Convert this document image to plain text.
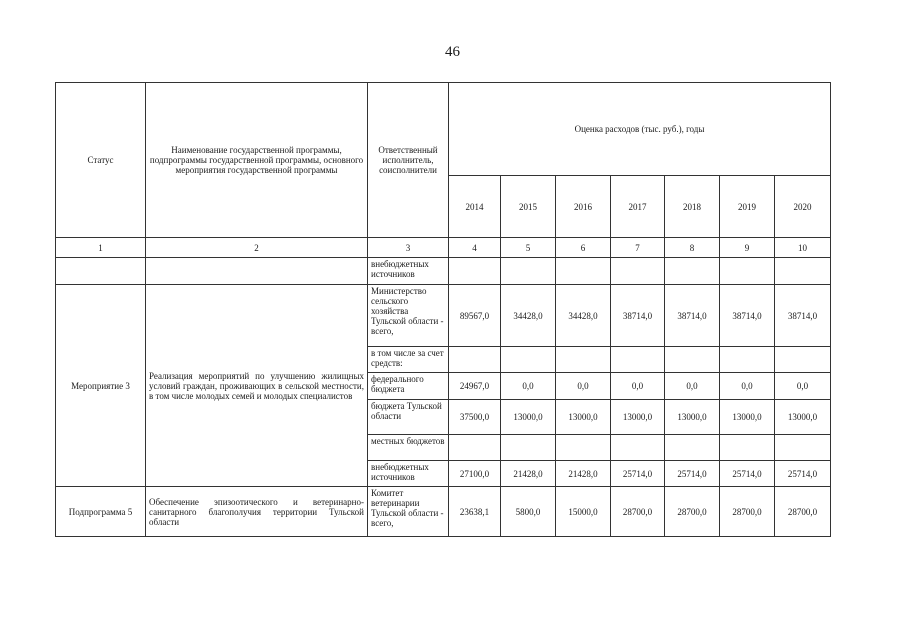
46
Статус	Наименование государственной программы, подпрограммы государственной программы, основного мероприятия государственной программы	Ответственный исполнитель, соисполнители	Оценка расходов (тыс. руб.), годы						
			2014	2015	2016	2017	2018	2019	2020
1	2	3	4	5	6	7	8	9	10
		внебюджетных источников							
Мероприятие 3	Реализация мероприятий по улучшению жилищных условий граждан, проживающих в сельской местности, в том числе молодых семей и молодых специалистов	Министерство сельского хозяйства Тульской области - всего,	89567,0	34428,0	34428,0	38714,0	38714,0	38714,0	38714,0
		в том числе за счет средств:							
		федерального бюджета	24967,0	0,0	0,0	0,0	0,0	0,0	0,0
		бюджета Тульской области	37500,0	13000,0	13000,0	13000,0	13000,0	13000,0	13000,0
		местных бюджетов							
		внебюджетных источников	27100,0	21428,0	21428,0	25714,0	25714,0	25714,0	25714,0
Подпрограмма 5	Обеспечение эпизоотического и ветеринарно-санитарного благополучия территории Тульской области	Комитет ветеринарии Тульской области - всего,	23638,1	5800,0	15000,0	28700,0	28700,0	28700,0	28700,0
